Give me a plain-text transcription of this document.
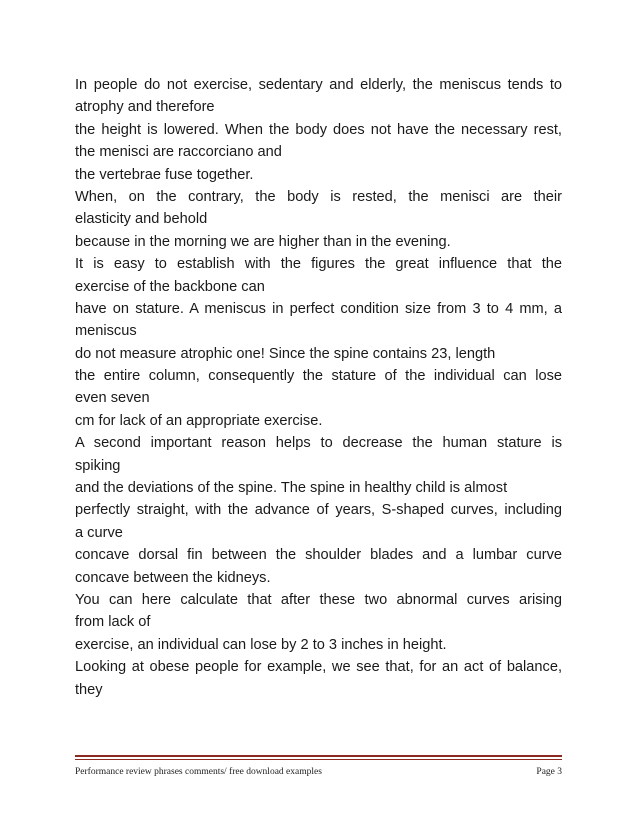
In people do not exercise, sedentary and elderly, the meniscus tends to
atrophy and therefore
the height is lowered. When the body does not have the necessary rest,
the menisci are raccorciano and
the vertebrae fuse together.
When, on the contrary, the body is rested, the menisci are their
elasticity and behold
because in the morning we are higher than in the evening.
It is easy to establish with the figures the great influence that the
exercise of the backbone can
have on stature. A meniscus in perfect condition size from 3 to 4 mm, a
meniscus
do not measure atrophic one! Since the spine contains 23, length
the entire column, consequently the stature of the individual can lose
even seven
cm for lack of an appropriate exercise.
A second important reason helps to decrease the human stature is
spiking
and the deviations of the spine. The spine in healthy child is almost
perfectly straight, with the advance of years, S-shaped curves, including
a curve
concave dorsal fin between the shoulder blades and a lumbar curve
concave between the kidneys.
You can here calculate that after these two abnormal curves arising
from lack of
exercise, an individual can lose by 2 to 3 inches in height.
Looking at obese people for example, we see that, for an act of balance,
they
Performance review phrases comments/ free download examples	Page 3
